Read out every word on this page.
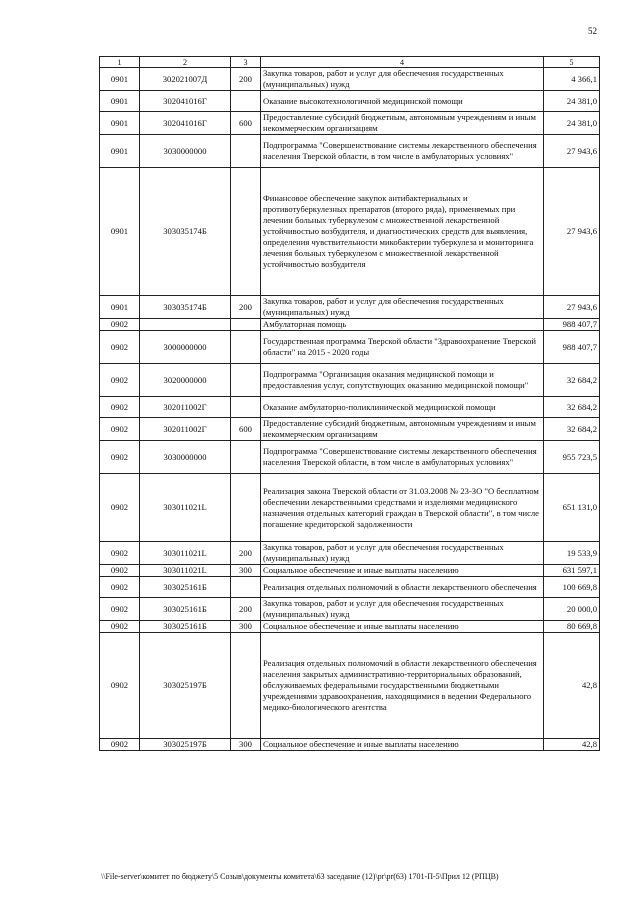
52
1	2	3	4	5
0901	302021007Д	200	Закупка товаров, работ и услуг для обеспечения государственных (муниципальных) нужд	4 366,1
0901	302041016Г		Оказание высокотехнологичной медицинской помощи	24 381,0
0901	302041016Г	600	Предоставление субсидий бюджетным, автономным учреждениям и иным некоммерческим организациям	24 381,0
0901	3030000000		Подпрограмма "Совершенствование системы лекарственного обеспечения населения Тверской области, в том числе в амбулаторных условиях"	27 943,6
0901	303035174Б		Финансовое обеспечение закупок антибактериальных и противотуберкулезных препаратов (второго ряда), применяемых при лечении больных туберкулезом с множественной лекарственной устойчивостью возбудителя, и диагностических средств для выявления, определения чувствительности микобактерии туберкулеза и мониторинга лечения больных туберкулезом с множественной лекарственной устойчивостью возбудителя	27 943,6
0901	303035174Б	200	Закупка товаров, работ и услуг для обеспечения государственных (муниципальных) нужд	27 943,6
0902			Амбулаторная помощь	988 407,7
0902	3000000000		Государственная программа Тверской области "Здравоохранение Тверской области" на 2015 - 2020 годы	988 407,7
0902	3020000000		Подпрограмма "Организация оказания медицинской помощи и предоставления услуг, сопутствующих оказанию медицинской помощи"	32 684,2
0902	302011002Г		Оказание амбулаторно-поликлинической медицинской помощи	32 684,2
0902	302011002Г	600	Предоставление субсидий бюджетным, автономным учреждениям и иным некоммерческим организациям	32 684,2
0902	3030000000		Подпрограмма "Совершенствование системы лекарственного обеспечения населения Тверской области, в том числе в амбулаторных условиях"	955 723,5
0902	303011021L		Реализация закона Тверской области от 31.03.2008 № 23-ЗО "О бесплатном обеспечении лекарственными средствами и изделиями медицинского назначения отдельных категорий граждан в Тверской области", в том числе погашение кредиторской задолженности	651 131,0
0902	303011021L	200	Закупка товаров, работ и услуг для обеспечения государственных (муниципальных) нужд	19 533,9
0902	303011021L	300	Социальное обеспечение и иные выплаты населению	631 597,1
0902	303025161Б		Реализация отдельных полномочий в области лекарственного обеспечения	100 669,8
0902	303025161Б	200	Закупка товаров, работ и услуг для обеспечения государственных (муниципальных) нужд	20 000,0
0902	303025161Б	300	Социальное обеспечение и иные выплаты населению	80 669,8
0902	303025197Б		Реализация отдельных полномочий в области лекарственного обеспечения населения закрытых административно-территориальных образований, обслуживаемых федеральными государственными бюджетными учреждениями здравоохранения, находящимися в ведении Федерального медико-биологического агентства	42,8
0902	303025197Б	300	Социальное обеспечение и иные выплаты населению	42,8
\\File-server\комитет по бюджету\5 Созыв\документы комитета\63 заседание (12)\pr\pr(63) 1701-П-5\Прил 12 (РПЦВ)
